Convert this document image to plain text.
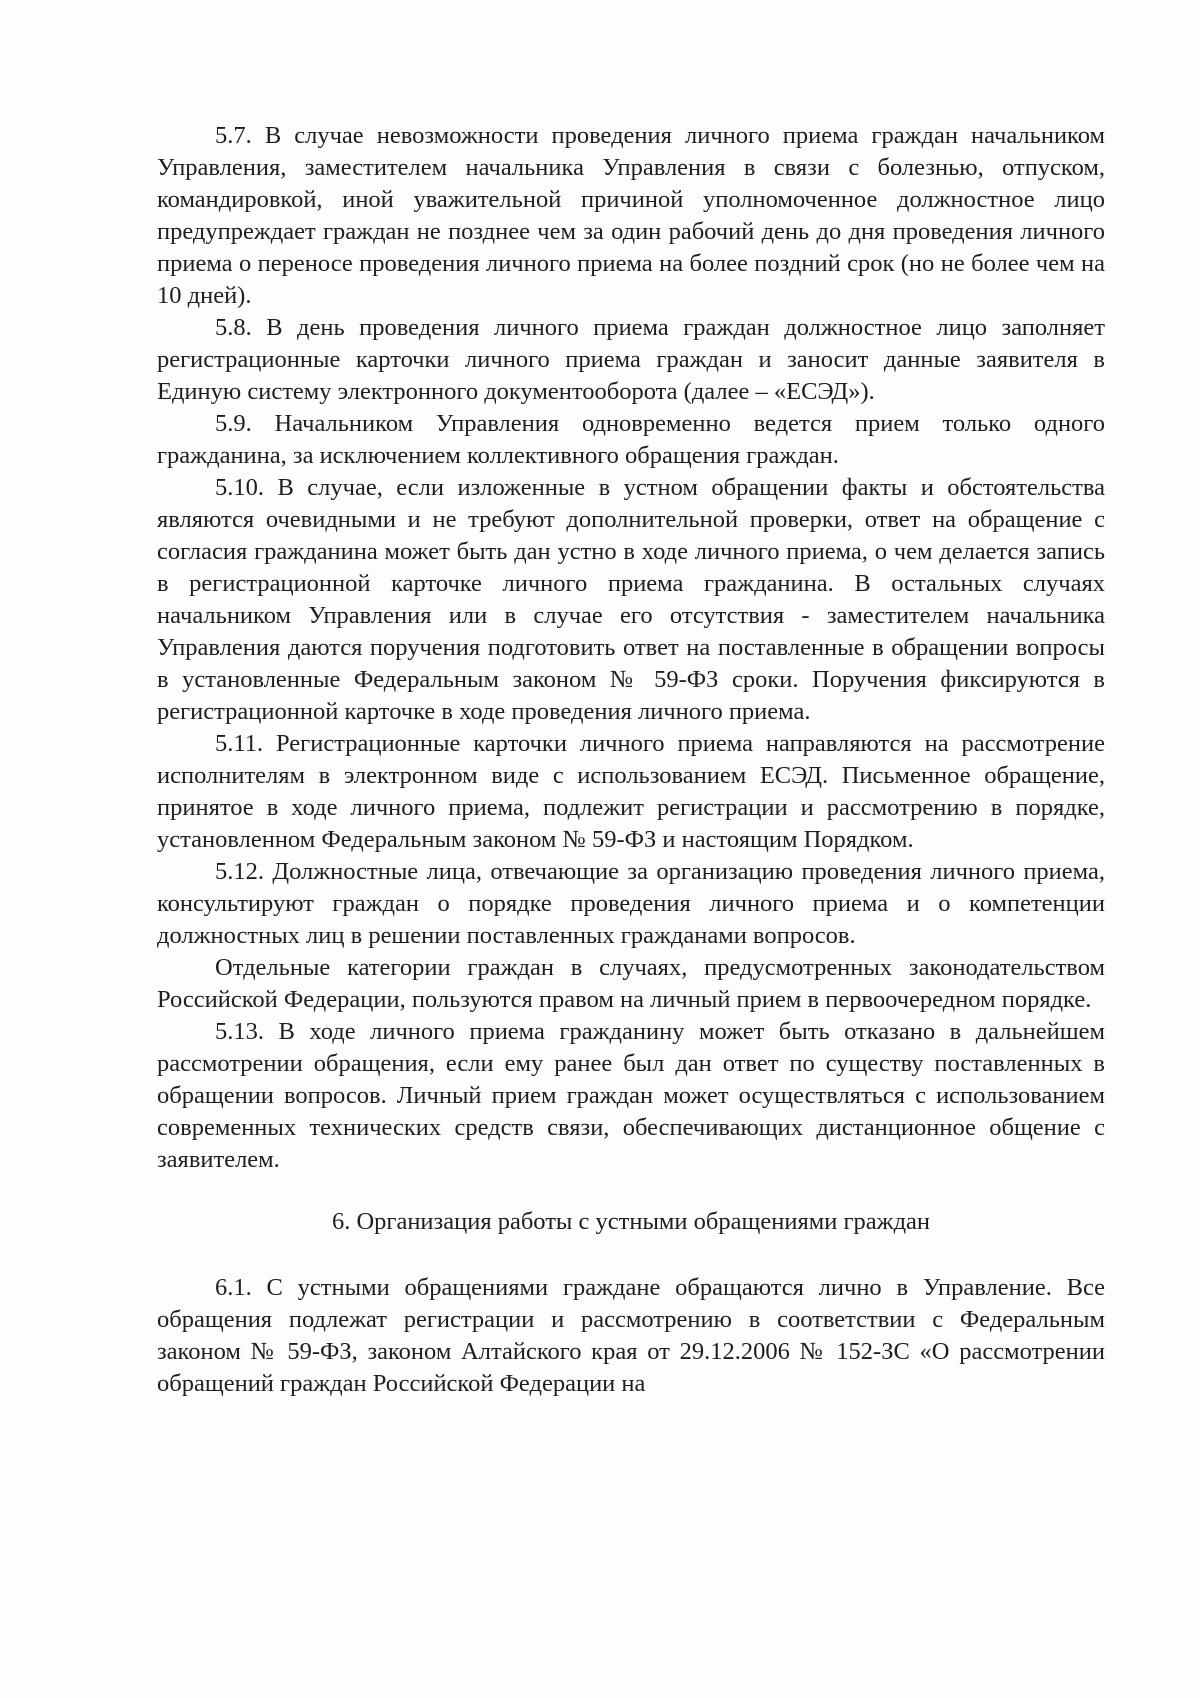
5.7. В случае невозможности проведения личного приема граждан начальником Управления, заместителем начальника Управления в связи с болезнью, отпуском, командировкой, иной уважительной причиной уполномоченное должностное лицо предупреждает граждан не позднее чем за один рабочий день до дня проведения личного приема о переносе проведения личного приема на более поздний срок (но не более чем на 10 дней).

5.8. В день проведения личного приема граждан должностное лицо заполняет регистрационные карточки личного приема граждан и заносит данные заявителя в Единую систему электронного документооборота (далее – «ЕСЭД»).

5.9. Начальником Управления одновременно ведется прием только одного гражданина, за исключением коллективного обращения граждан.

5.10. В случае, если изложенные в устном обращении факты и обстоятельства являются очевидными и не требуют дополнительной проверки, ответ на обращение с согласия гражданина может быть дан устно в ходе личного приема, о чем делается запись в регистрационной карточке личного приема гражданина. В остальных случаях начальником Управления или в случае его отсутствия - заместителем начальника Управления даются поручения подготовить ответ на поставленные в обращении вопросы в установленные Федеральным законом № 59-ФЗ сроки. Поручения фиксируются в регистрационной карточке в ходе проведения личного приема.

5.11. Регистрационные карточки личного приема направляются на рассмотрение исполнителям в электронном виде с использованием ЕСЭД. Письменное обращение, принятое в ходе личного приема, подлежит регистрации и рассмотрению в порядке, установленном Федеральным законом № 59-ФЗ и настоящим Порядком.

5.12. Должностные лица, отвечающие за организацию проведения личного приема, консультируют граждан о порядке проведения личного приема и о компетенции должностных лиц в решении поставленных гражданами вопросов.

Отдельные категории граждан в случаях, предусмотренных законодательством Российской Федерации, пользуются правом на личный прием в первоочередном порядке.

5.13. В ходе личного приема гражданину может быть отказано в дальнейшем рассмотрении обращения, если ему ранее был дан ответ по существу поставленных в обращении вопросов. Личный прием граждан может осуществляться с использованием современных технических средств связи, обеспечивающих дистанционное общение с заявителем.

6. Организация работы с устными обращениями граждан

6.1. С устными обращениями граждане обращаются лично в Управление. Все обращения подлежат регистрации и рассмотрению в соответствии с Федеральным законом № 59-ФЗ, законом Алтайского края от 29.12.2006 № 152-ЗС «О рассмотрении обращений граждан Российской Федерации на
